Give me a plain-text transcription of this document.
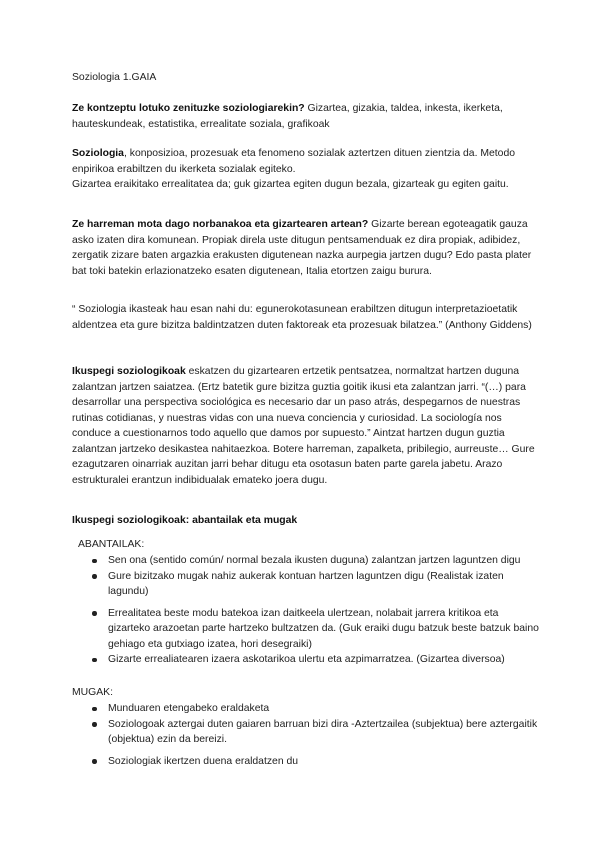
Soziologia 1.GAIA

Ze kontzeptu lotuko zenituzke soziologiarekin? Gizartea, gizakia, taldea, inkesta, ikerketa, hauteskundeak, estatistika, errealitate soziala, grafikoak

Soziologia, konposizioa, prozesuak eta fenomeno sozialak aztertzen dituen zientzia da. Metodo enpirikoa erabiltzen du ikerketa sozialak egiteko.
Gizartea eraikitako errealitatea da; guk gizartea egiten dugun bezala, gizarteak gu egiten gaitu.

Ze harreman mota dago norbanakoa eta gizartearen artean? Gizarte berean egoteagatik gauza asko izaten dira komunean. Propiak direla uste ditugun pentsamenduak ez dira propiak, adibidez, zergatik zizare baten argazkia erakusten digutenean nazka aurpegia jartzen dugu? Edo pasta plater bat toki batekin erlazionatzeko esaten digutenean, Italia etortzen zaigu burura.

“ Soziologia ikasteak hau esan nahi du: egunerokotasunean erabiltzen ditugun interpretazioetatik aldentzea eta gure bizitza baldintzatzen duten faktoreak eta prozesuak bilatzea.” (Anthony Giddens)

Ikuspegi soziologikoak eskatzen du gizartearen ertzetik pentsatzea, normaltzat hartzen duguna zalantzan jartzen saiatzea. (Ertz batetik gure bizitza guztia goitik ikusi eta zalantzan jarri. “(…) para desarrollar una perspectiva sociológica es necesario dar un paso atrás, despegarnos de nuestras rutinas cotidianas, y nuestras vidas con una nueva conciencia y curiosidad. La sociología nos conduce a cuestionarnos todo aquello que damos por supuesto.” Aintzat hartzen dugun guztia zalantzan jartzeko desikastea nahitaezkoa. Botere harreman, zapalketa, pribilegio, aurreuste… Gure ezagutzaren oinarriak auzitan jarri behar ditugu eta osotasun baten parte garela jabetu. Arazo estrukturalei erantzun indibidualak emateko joera dugu.

Ikuspegi soziologikoak: abantailak eta mugak

ABANTAILAK:

Sen ona (sentido común/ normal bezala ikusten duguna) zalantzan jartzen laguntzen digu
Gure bizitzako mugak nahiz aukerak kontuan hartzen laguntzen digu (Realistak izaten lagundu)
Errealitatea beste modu batekoa izan daitkeela ulertzean, nolabait jarrera kritikoa eta gizarteko arazoetan parte hartzeko bultzatzen da. (Guk eraiki dugu batzuk beste batzuk baino gehiago eta gutxiago izatea, hori desegraiki)
Gizarte errealiatearen izaera askotarikoa ulertu eta azpimarratzea. (Gizartea diversoa)

MUGAK:

Munduaren etengabeko eraldaketa
Soziologoak aztergai duten gaiaren barruan bizi dira -Aztertzailea (subjektua) bere aztergaitik (objektua) ezin da bereizi.
Soziologiak ikertzen duena eraldatzen du
